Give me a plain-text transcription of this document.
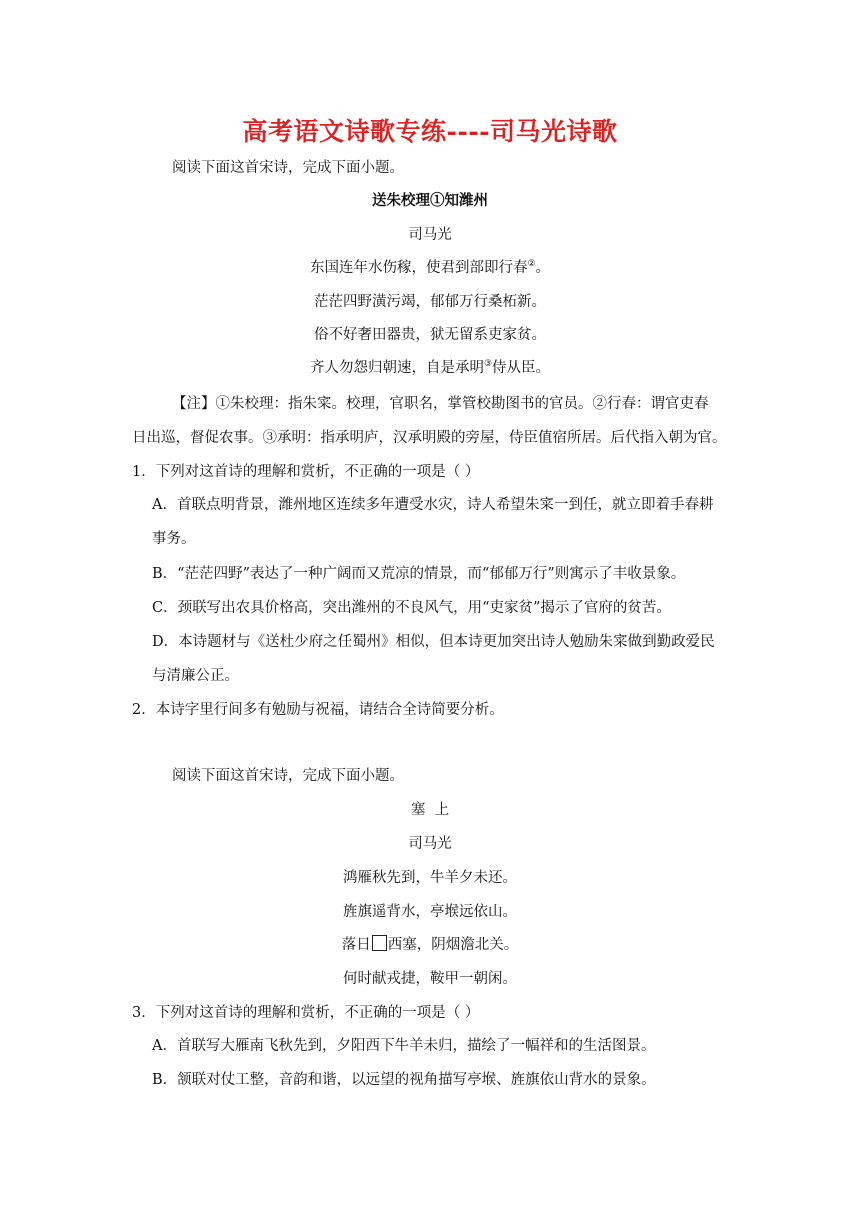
高考语文诗歌专练----司马光诗歌
阅读下面这首宋诗，完成下面小题。
送朱校理①知潍州
司马光
东国连年水伤稼，使君到部即行春②。
茫茫四野潢污竭，郁郁万行桑柘新。
俗不好奢田器贵，狱无留系吏家贫。
齐人勿怨归朝速，自是承明③侍从臣。
【注】①朱校理：指朱寀。校理，官职名，掌管校勘图书的官员。②行春：谓官吏春
日出巡，督促农事。③承明：指承明庐，汉承明殿的旁屋，侍臣值宿所居。后代指入朝为官。
1．下列对这首诗的理解和赏析，不正确的一项是（ ）
A．首联点明背景，潍州地区连续多年遭受水灾，诗人希望朱寀一到任，就立即着手春耕
事务。
B．“茫茫四野”表达了一种广阔而又荒凉的情景，而“郁郁万行”则寓示了丰收景象。
C．颈联写出农具价格高，突出潍州的不良风气，用“吏家贫”揭示了官府的贫苦。
D．本诗题材与《送杜少府之任蜀州》相似，但本诗更加突出诗人勉励朱寀做到勤政爱民
与清廉公正。
2．本诗字里行间多有勉励与祝福，请结合全诗简要分析。
阅读下面这首宋诗，完成下面小题。
塞  上
司马光
鸿雁秋先到，牛羊夕未还。
旌旗遥背水，亭堠远依山。
落日 西塞，阴烟澹北关。
何时献戎捷，鞍甲一朝闲。
3．下列对这首诗的理解和赏析，不正确的一项是（ ）
A．首联写大雁南飞秋先到，夕阳西下牛羊未归，描绘了一幅祥和的生活图景。
B．颔联对仗工整，音韵和谐，以远望的视角描写亭堠、旌旗依山背水的景象。
